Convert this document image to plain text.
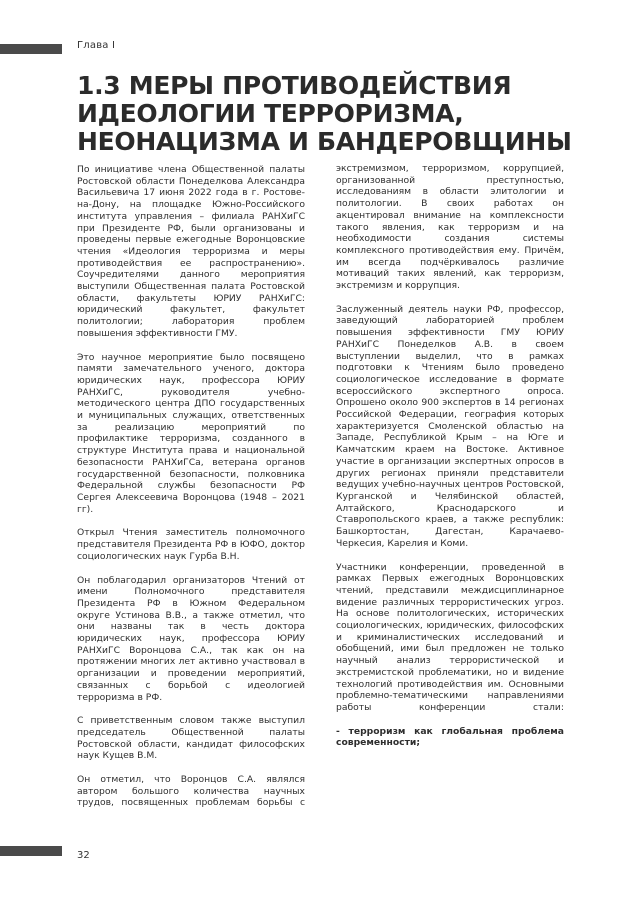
Глава I
1.3 МЕРЫ ПРОТИВОДЕЙСТВИЯ ИДЕОЛОГИИ ТЕРРОРИЗМА, НЕОНАЦИЗМА И БАНДЕРОВЩИНЫ

По инициативе члена Общественной палаты Ростовской области Понеделкова Александра Васильевича 17 июня 2022 года в г. Ростове-на-Дону, на площадке Южно-Российского института управления – филиала РАНХиГС при Президенте РФ, были организованы и проведены первые ежегодные Воронцовские чтения «Идеология терроризма и меры противодействия ее распространению». Соучредителями данного мероприятия выступили Общественная палата Ростовской области, факультеты ЮРИУ РАНХиГС: юридический факультет, факультет политологии; лаборатория проблем повышения эффективности ГМУ.

Это научное мероприятие было посвящено памяти замечательного ученого, доктора юридических наук, профессора ЮРИУ РАНХиГС, руководителя учебно-методического центра ДПО государственных и муниципальных служащих, ответственных за реализацию мероприятий по профилактике терроризма, созданного в структуре Института права и национальной безопасности РАНХиГСа, ветерана органов государственной безопасности, полковника Федеральной службы безопасности РФ Сергея Алексеевича Воронцова (1948 – 2021 гг).

Открыл Чтения заместитель полномочного представителя Президента РФ в ЮФО, доктор социологических наук Гурба В.Н.

Он поблагодарил организаторов Чтений от имени Полномочного представителя Президента РФ в Южном Федеральном округе Устинова В.В., а также отметил, что они названы так в честь доктора юридических наук, профессора ЮРИУ РАНХиГС Воронцова С.А., так как он на протяжении многих лет активно участвовал в организации и проведении мероприятий, связанных с борьбой с идеологией терроризма в РФ.

С приветственным словом также выступил председатель Общественной палаты Ростовской области, кандидат философских наук Кущев В.М.

Он отметил, что Воронцов С.А. являлся автором большого количества научных трудов, посвященных проблемам борьбы с

экстремизмом, терроризмом, коррупцией, организованной преступностью, исследованиям в области элитологии и политологии. В своих работах он акцентировал внимание на комплексности такого явления, как терроризм и на необходимости создания системы комплексного противодействия ему. Причём, им всегда подчёркивалось различие мотиваций таких явлений, как терроризм, экстремизм и коррупция.

Заслуженный деятель науки РФ, профессор, заведующий лабораторией проблем повышения эффективности ГМУ ЮРИУ РАНХиГС Понеделков А.В. в своем выступлении выделил, что в рамках подготовки к Чтениям было проведено социологическое исследование в формате всероссийского экспертного опроса. Опрошено около 900 экспертов в 14 регионах Российской Федерации, география которых характеризуется Смоленской областью на Западе, Республикой Крым – на Юге и Камчатским краем на Востоке. Активное участие в организации экспертных опросов в других регионах приняли представители ведущих учебно-научных центров Ростовской, Курганской и Челябинской областей, Алтайского, Краснодарского и Ставропольского краев, а также республик: Башкортостан, Дагестан, Карачаево-Черкесия, Карелия и Коми.

Участники конференции, проведенной в рамках Первых ежегодных Воронцовских чтений, представили междисциплинарное видение различных террористических угроз. На основе политологических, исторических социологических, юридических, философских и криминалистических исследований и обобщений, ими был предложен не только научный анализ террористической и экстремистской проблематики, но и видение технологий противодействия им. Основными проблемно-тематическими направлениями работы конференции стали:

- терроризм как глобальная проблема современности;

32
